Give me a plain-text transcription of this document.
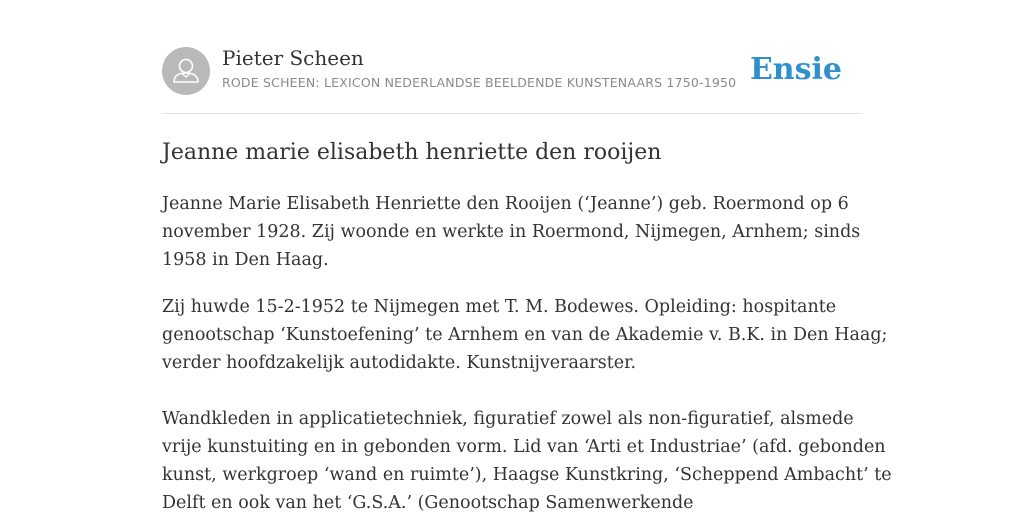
Pieter Scheen
RODE SCHEEN: LEXICON NEDERLANDSE BEELDENDE KUNSTENAARS 1750-1950 Ensie
Jeanne marie elisabeth henriette den rooijen

Jeanne Marie Elisabeth Henriette den Rooijen (‘Jeanne’) geb. Roermond op 6
november 1928. Zij woonde en werkte in Roermond, Nijmegen, Arnhem; sinds
1958 in Den Haag.

Zij huwde 15-2-1952 te Nijmegen met T. M. Bodewes. Opleiding: hospitante
genootschap ‘Kunstoefening’ te Arnhem en van de Akademie v. B.K. in Den Haag;
verder hoofdzakelijk autodidakte. Kunstnijveraarster.

Wandkleden in applicatietechniek, figuratief zowel als non-figuratief, alsmede
vrije kunstuiting en in gebonden vorm. Lid van ‘Arti et Industriae’ (afd. gebonden
kunst, werkgroep ‘wand en ruimte’), Haagse Kunstkring, ‘Scheppend Ambacht’ te
Delft en ook van het ‘G.S.A.’ (Genootschap Samenwerkende
